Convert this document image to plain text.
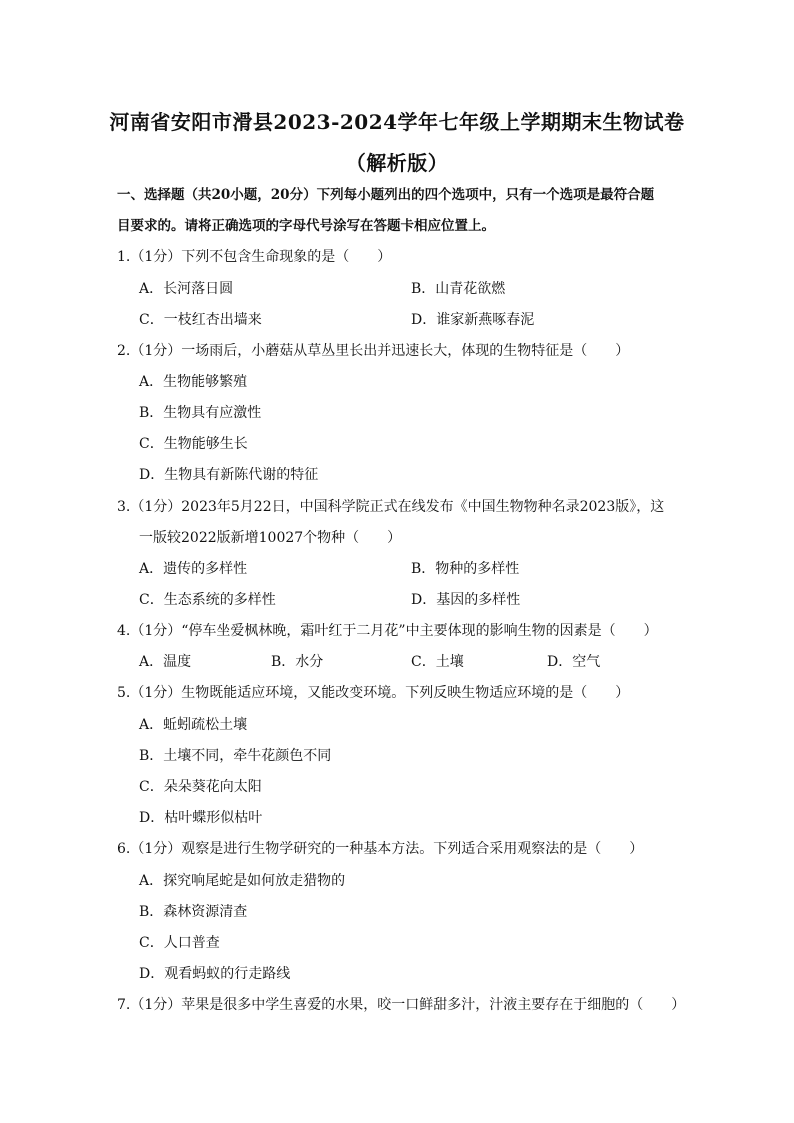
河南省安阳市滑县2023-2024学年七年级上学期期末生物试卷
（解析版）
一、选择题（共20小题，20分）下列每小题列出的四个选项中，只有一个选项是最符合题
目要求的。请将正确选项的字母代号涂写在答题卡相应位置上。
1.（1分）下列不包含生命现象的是（　　）
A．长河落日圆	B．山青花欲燃
C．一枝红杏出墙来	D．谁家新燕啄春泥
2.（1分）一场雨后，小蘑菇从草丛里长出并迅速长大，体现的生物特征是（　　）
A．生物能够繁殖
B．生物具有应激性
C．生物能够生长
D．生物具有新陈代谢的特征
3.（1分）2023年5月22日，中国科学院正式在线发布《中国生物物种名录2023版》，这
一版较2022版新增10027个物种（　　）
A．遗传的多样性	B．物种的多样性
C．生态系统的多样性	D．基因的多样性
4.（1分）“停车坐爱枫林晚，霜叶红于二月花”中主要体现的影响生物的因素是（　　）
A．温度	B．水分	C．土壤	D．空气
5.（1分）生物既能适应环境，又能改变环境。下列反映生物适应环境的是（　　）
A．蚯蚓疏松土壤
B．土壤不同，牵牛花颜色不同
C．朵朵葵花向太阳
D．枯叶蝶形似枯叶
6.（1分）观察是进行生物学研究的一种基本方法。下列适合采用观察法的是（　　）
A．探究响尾蛇是如何放走猎物的
B．森林资源清查
C．人口普查
D．观看蚂蚁的行走路线
7.（1分）苹果是很多中学生喜爱的水果，咬一口鲜甜多汁，汁液主要存在于细胞的（　　）
